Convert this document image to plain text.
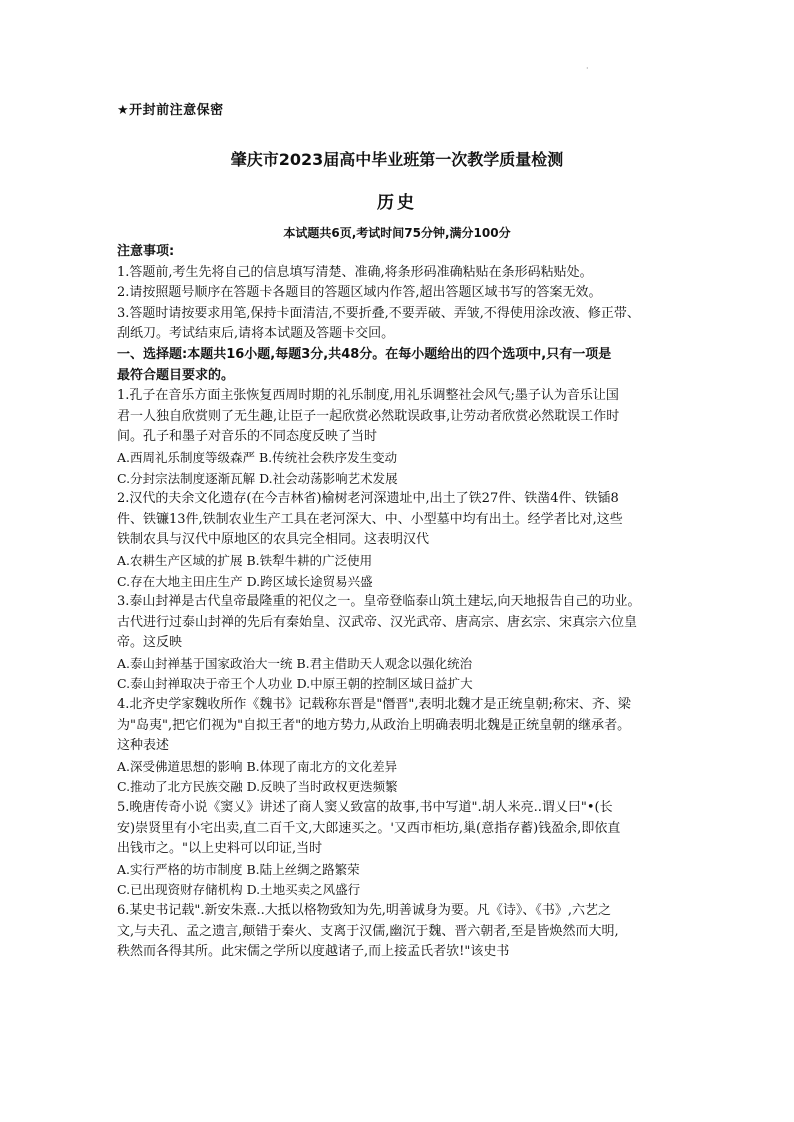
·
★开封前注意保密
肇庆市2023届高中毕业班第一次教学质量检测
历史
本试题共6页,考试时间75分钟,满分100分
注意事项:
1.答题前,考生先将自己的信息填写清楚、准确,将条形码准确粘贴在条形码粘贴处。
2.请按照题号顺序在答题卡各题目的答题区域内作答,超出答题区域书写的答案无效。
3.答题时请按要求用笔,保持卡面清洁,不要折叠,不要弄破、弄皱,不得使用涂改液、修正带、
刮纸刀。考试结束后,请将本试题及答题卡交回。
一、选择题:本题共16小题,每题3分,共48分。在每小题给出的四个选项中,只有一项是
最符合题目要求的。
1.孔子在音乐方面主张恢复西周时期的礼乐制度,用礼乐调整社会风气;墨子认为音乐让国
君一人独自欣赏则了无生趣,让臣子一起欣赏必然耽误政事,让劳动者欣赏必然耽误工作时
间。孔子和墨子对音乐的不同态度反映了当时
A.西周礼乐制度等级森严 B.传统社会秩序发生变动
C.分封宗法制度逐渐瓦解 D.社会动荡影响艺术发展
2.汉代的夫余文化遗存(在今吉林省)榆树老河深遗址中,出土了铁27件、铁凿4件、铁锸8
件、铁镰13件,铁制农业生产工具在老河深大、中、小型墓中均有出土。经学者比对,这些
铁制农具与汉代中原地区的农具完全相同。这表明汉代
A.农耕生产区域的扩展 B.铁犁牛耕的广泛使用
C.存在大地主田庄生产 D.跨区域长途贸易兴盛
3.泰山封禅是古代皇帝最隆重的祀仪之一。皇帝登临泰山筑土建坛,向天地报告自己的功业。
古代进行过泰山封禅的先后有秦始皇、汉武帝、汉光武帝、唐高宗、唐玄宗、宋真宗六位皇
帝。这反映
A.泰山封禅基于国家政治大一统 B.君主借助天人观念以强化统治
C.泰山封禅取决于帝王个人功业 D.中原王朝的控制区域日益扩大
4.北齐史学家魏收所作《魏书》记载称东晋是"僭晋",表明北魏才是正统皇朝;称宋、齐、梁
为"岛夷",把它们视为"自拟王者"的地方势力,从政治上明确表明北魏是正统皇朝的继承者。
这种表述
A.深受佛道思想的影响 B.体现了南北方的文化差异
C.推动了北方民族交融 D.反映了当时政权更迭频繁
5.晚唐传奇小说《窦乂》讲述了商人窦乂致富的故事,书中写道".胡人米亮..谓乂曰"•(长
安)崇贤里有小宅出卖,直二百千文,大郎速买之。'又西市柜坊,巢(意指存蓄)钱盈余,即依直
出钱市之。"以上史料可以印证,当时
A.实行严格的坊市制度 B.陆上丝绸之路繁荣
C.已出现资财存储机构 D.土地买卖之风盛行
6.某史书记载".新安朱熹..大抵以格物致知为先,明善诚身为要。凡《诗》、《书》,六艺之
文,与夫孔、孟之遗言,颠错于秦火、支离于汉儒,幽沉于魏、晋六朝者,至是皆焕然而大明,
秩然而各得其所。此宋儒之学所以度越诸子,而上接孟氏者欤!"该史书
